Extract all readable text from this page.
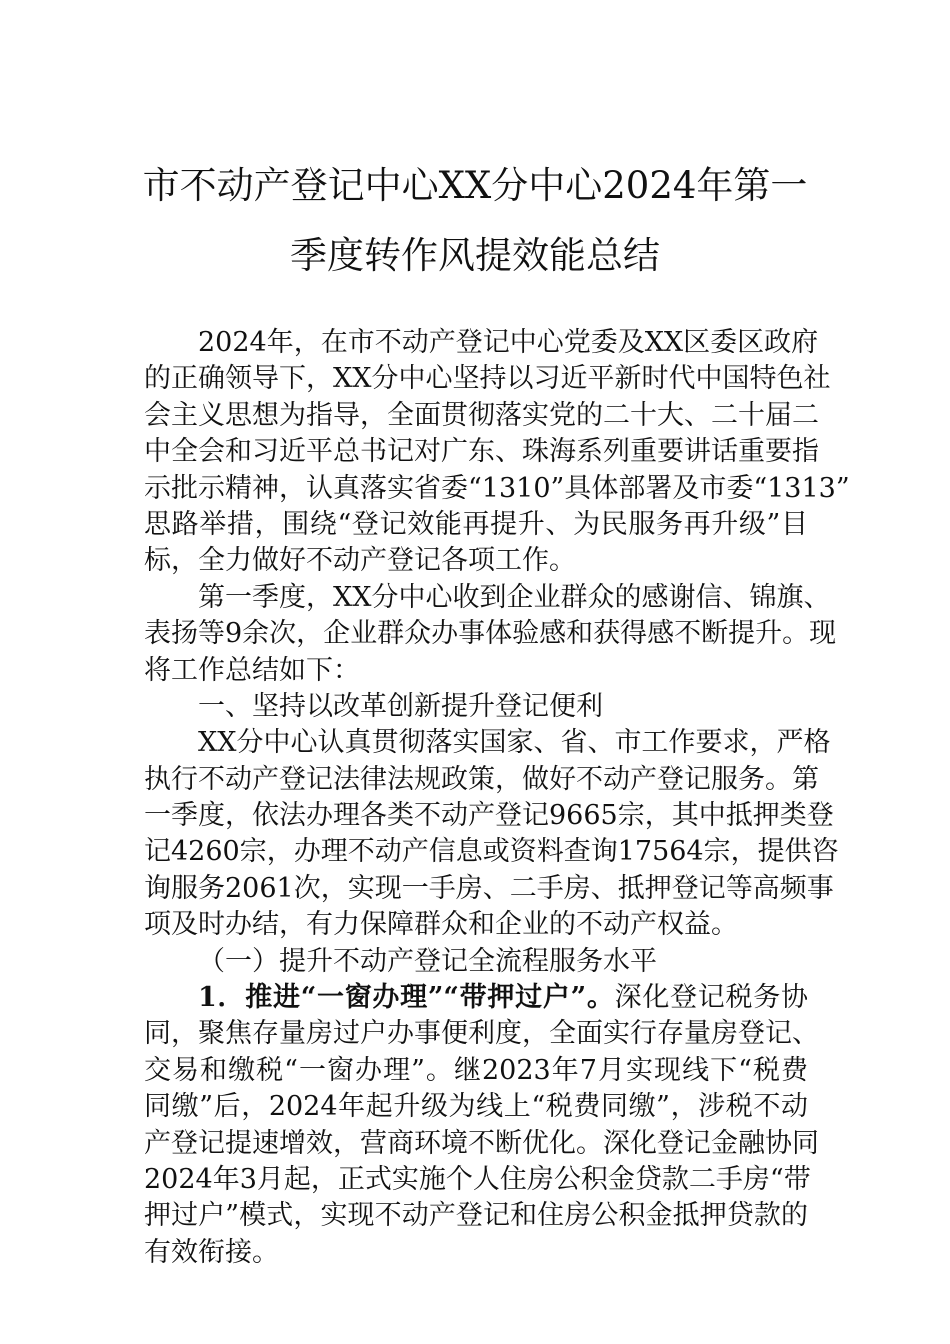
市不动产登记中心XX分中心2024年第一
季度转作风提效能总结
2024年，在市不动产登记中心党委及XX区委区政府
的正确领导下，XX分中心坚持以习近平新时代中国特色社
会主义思想为指导，全面贯彻落实党的二十大、二十届二
中全会和习近平总书记对广东、珠海系列重要讲话重要指
示批示精神，认真落实省委“1310”具体部署及市委“1313”
思路举措，围绕“登记效能再提升、为民服务再升级”目
标，全力做好不动产登记各项工作。
第一季度，XX分中心收到企业群众的感谢信、锦旗、
表扬等9余次，企业群众办事体验感和获得感不断提升。现
将工作总结如下：
一、坚持以改革创新提升登记便利
XX分中心认真贯彻落实国家、省、市工作要求，严格
执行不动产登记法律法规政策，做好不动产登记服务。第
一季度，依法办理各类不动产登记9665宗，其中抵押类登
记4260宗，办理不动产信息或资料查询17564宗，提供咨
询服务2061次，实现一手房、二手房、抵押登记等高频事
项及时办结，有力保障群众和企业的不动产权益。
（一）提升不动产登记全流程服务水平
1．推进“一窗办理”“带押过户”。深化登记税务协
同，聚焦存量房过户办事便利度，全面实行存量房登记、
交易和缴税“一窗办理”。继2023年7月实现线下“税费
同缴”后，2024年起升级为线上“税费同缴”，涉税不动
产登记提速增效，营商环境不断优化。深化登记金融协同
2024年3月起，正式实施个人住房公积金贷款二手房“带
押过户”模式，实现不动产登记和住房公积金抵押贷款的
有效衔接。
